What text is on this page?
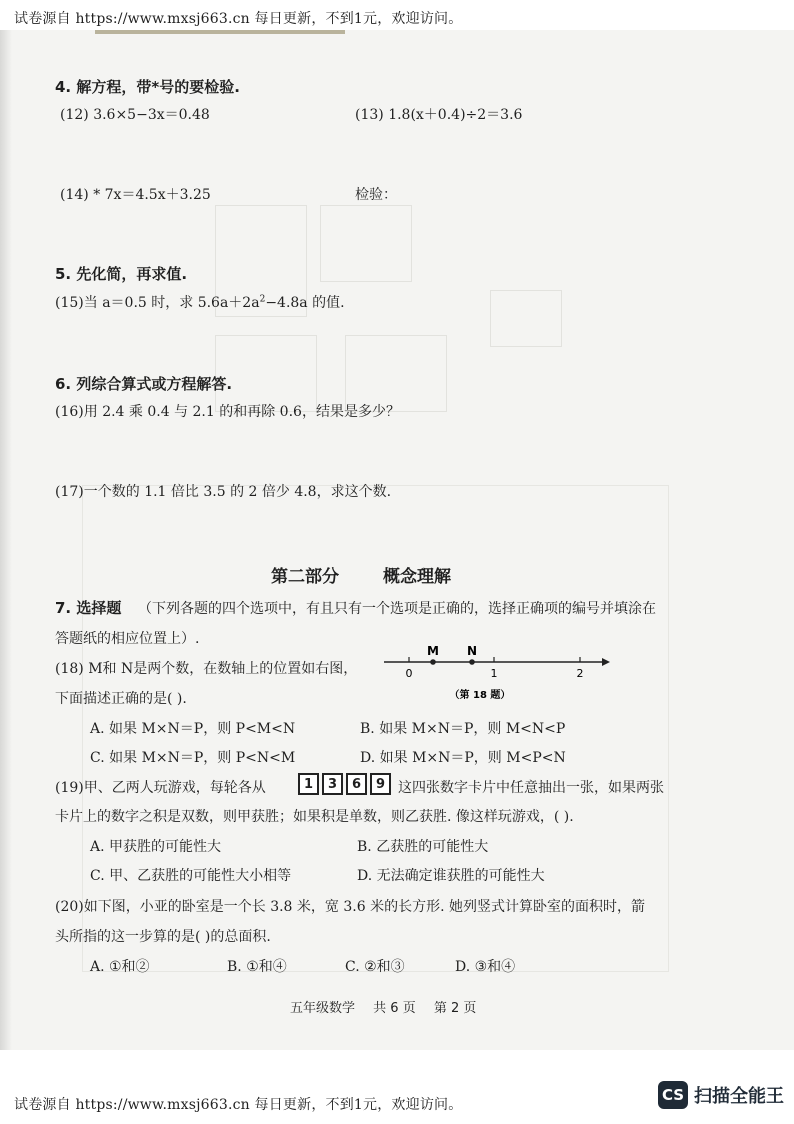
试卷源自 https://www.mxsj663.cn 每日更新，不到1元，欢迎访问。
4. 解方程，带*号的要检验.
(12) 3.6×5−3x＝0.48	(13) 1.8(x＋0.4)÷2＝3.6
(14) * 7x＝4.5x＋3.25	检验：
5. 先化简，再求值.
(15)当 a＝0.5 时，求 $5.6a+2a^2-4.8a$ 的值.
6. 列综合算式或方程解答.
(16)用 2.4 乘 0.4 与 2.1 的和再除 0.6，结果是多少？
(17)一个数的 1.1 倍比 3.5 的 2 倍少 4.8，求这个数.
第二部分	概念理解
7. 选择题 （下列各题的四个选项中，有且只有一个选项是正确的，选择正确项的编号并填涂在
答题纸的相应位置上）.
(18) M和 N是两个数，在数轴上的位置如右图，
下面描述正确的是( ).
M N
0	1	2
（第 18 题）
A. 如果 M×N＝P，则 P<M<N	B. 如果 M×N＝P，则 M<N<P
C. 如果 M×N＝P，则 P<N<M	D. 如果 M×N＝P，则 M<P<N
(19)甲、乙两人玩游戏，每轮各从	1	3	6	9 这四张数字卡片中任意抽出一张，如果两张
卡片上的数字之积是双数，则甲获胜；如果积是单数，则乙获胜. 像这样玩游戏，( ).
A. 甲获胜的可能性大	B. 乙获胜的可能性大
C. 甲、乙获胜的可能性大小相等	D. 无法确定谁获胜的可能性大
(20)如下图，小亚的卧室是一个长 3.8 米，宽 3.6 米的长方形. 她列竖式计算卧室的面积时，箭
头所指的这一步算的是( )的总面积.
A. ①和②	B. ①和④	C. ②和③	D. ③和④
五年级数学 共 6 页 第 2 页
试卷源自 https://www.mxsj663.cn 每日更新，不到1元，欢迎访问。
CS 扫描全能王
